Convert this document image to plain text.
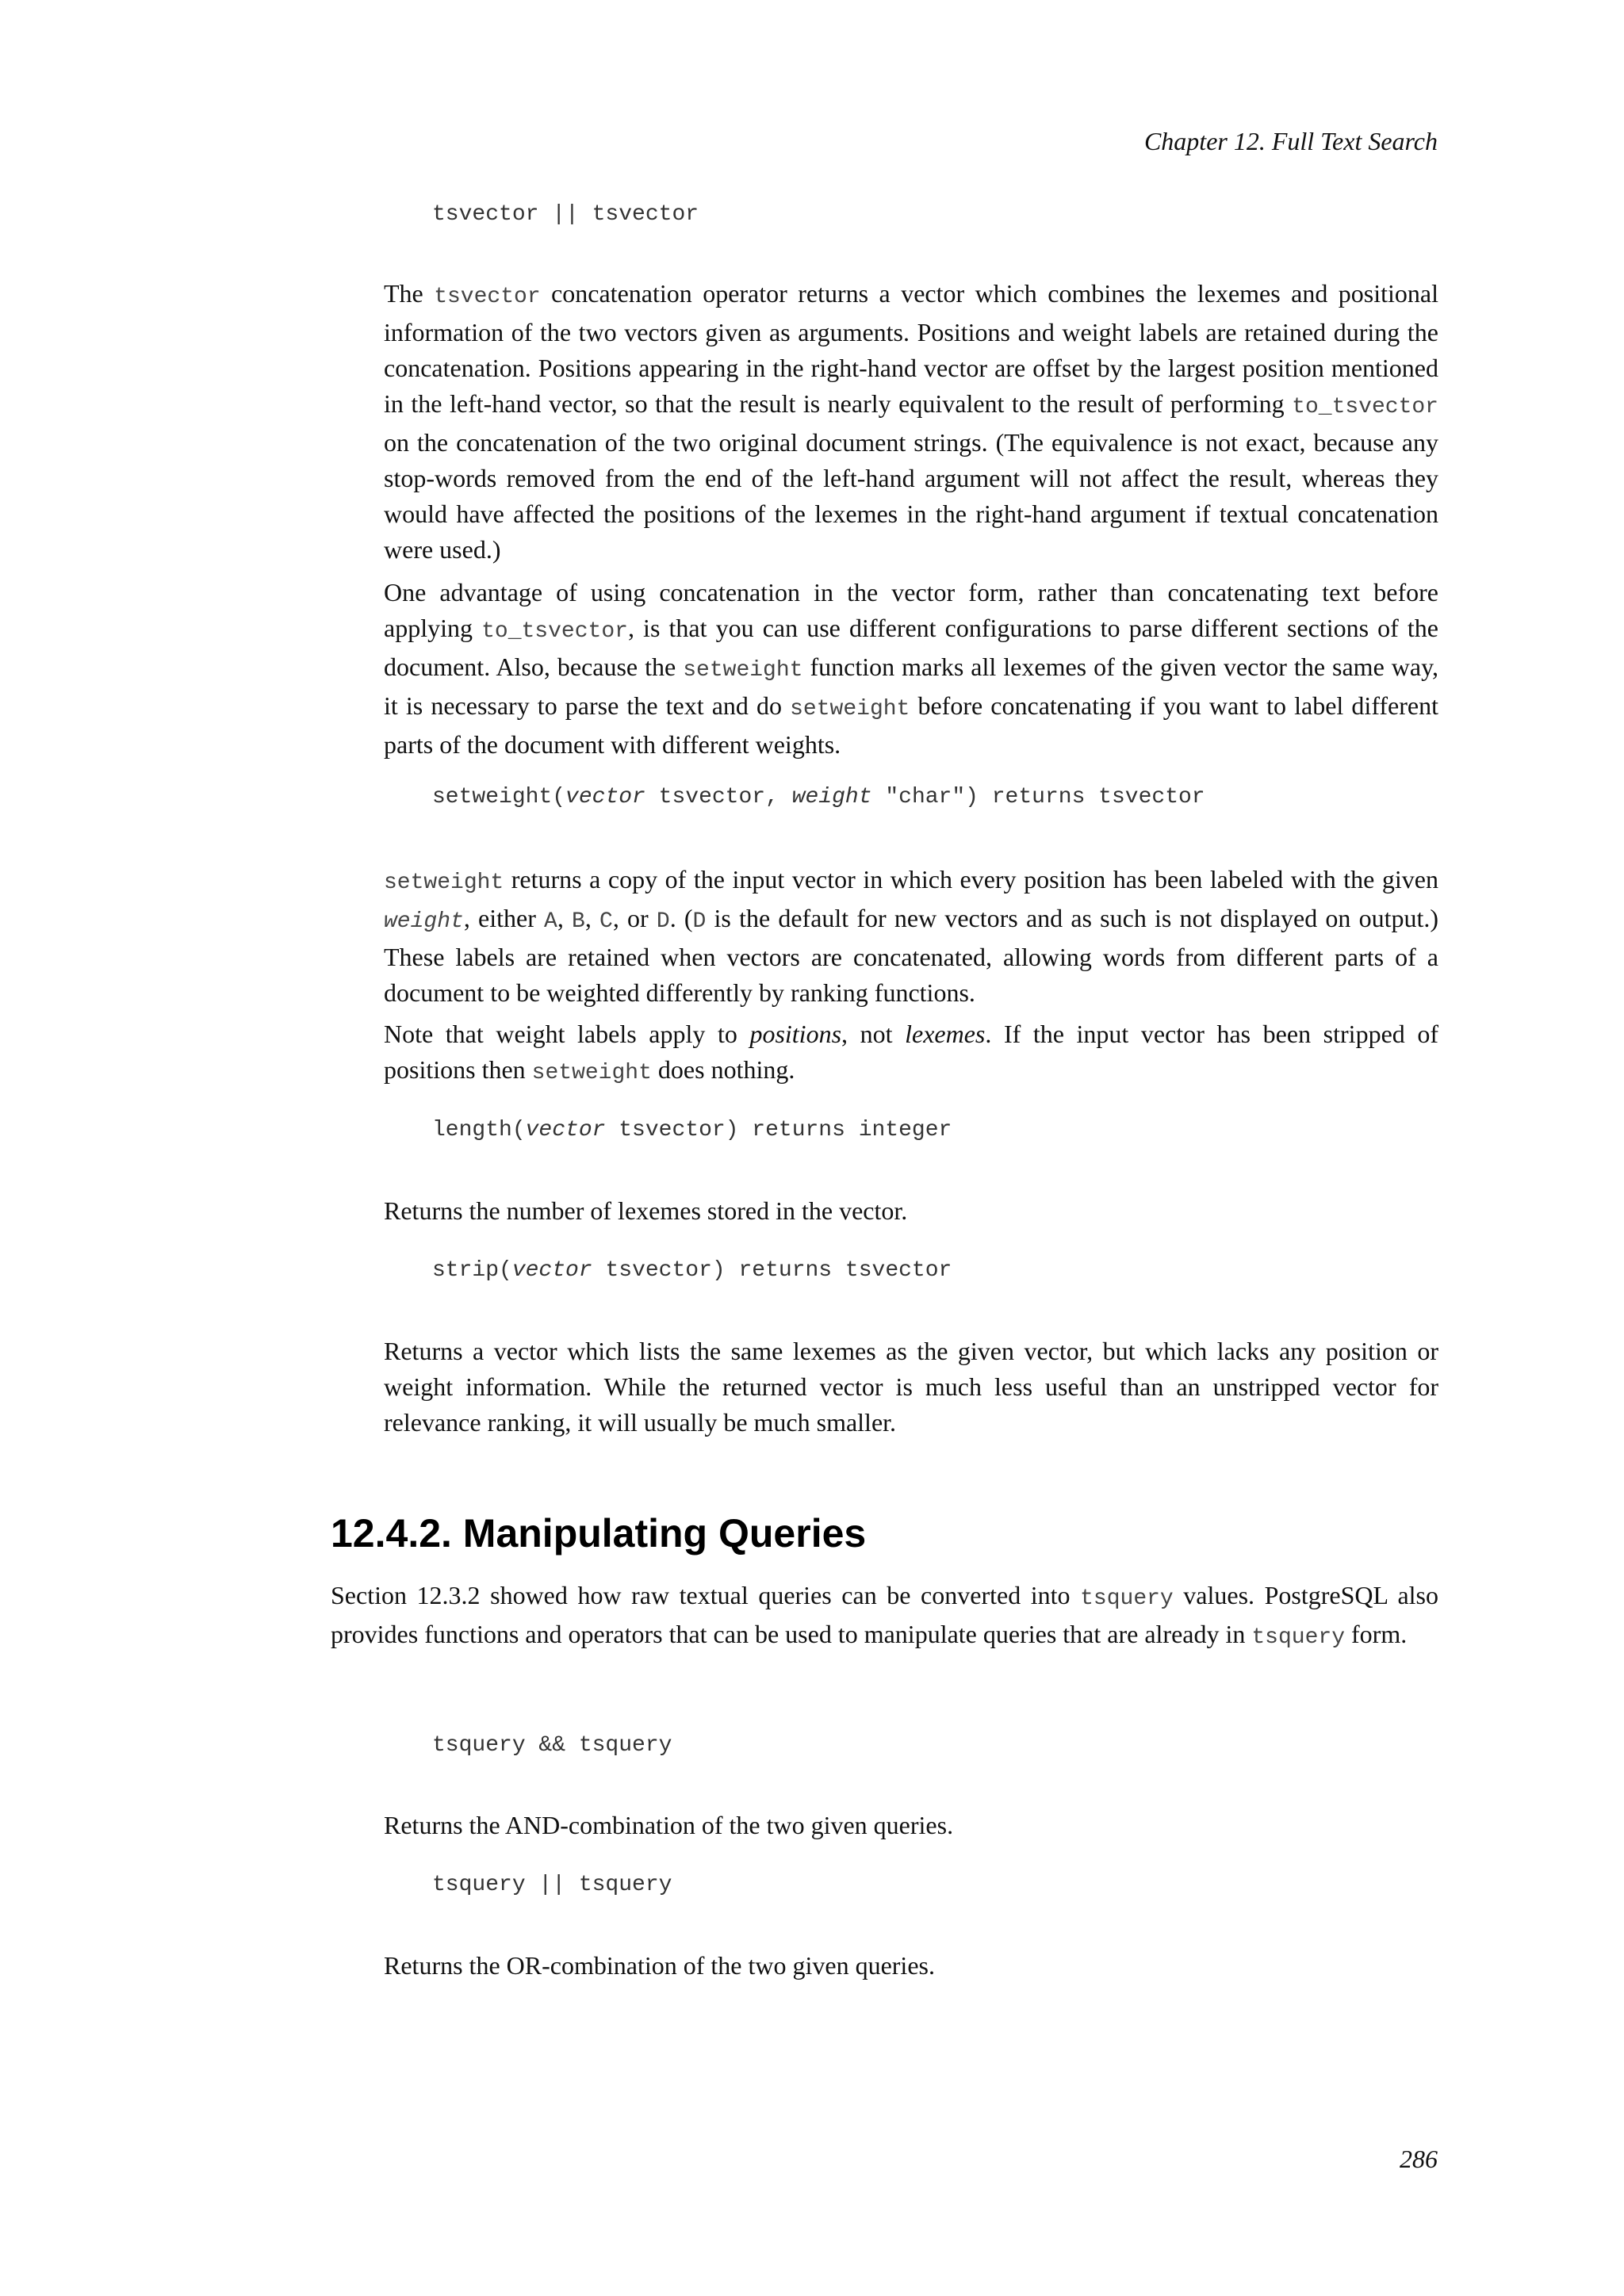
Chapter 12. Full Text Search
tsvector || tsvector
The tsvector concatenation operator returns a vector which combines the lexemes and positional information of the two vectors given as arguments. Positions and weight labels are retained during the concatenation. Positions appearing in the right-hand vector are offset by the largest position mentioned in the left-hand vector, so that the result is nearly equivalent to the result of performing to_tsvector on the concatenation of the two original document strings. (The equivalence is not exact, because any stop-words removed from the end of the left-hand argument will not affect the result, whereas they would have affected the positions of the lexemes in the right-hand argument if textual concatenation were used.)
One advantage of using concatenation in the vector form, rather than concatenating text before applying to_tsvector, is that you can use different configurations to parse different sections of the document. Also, because the setweight function marks all lexemes of the given vector the same way, it is necessary to parse the text and do setweight before concatenating if you want to label different parts of the document with different weights.
setweight(vector tsvector, weight "char") returns tsvector
setweight returns a copy of the input vector in which every position has been labeled with the given weight, either A, B, C, or D. (D is the default for new vectors and as such is not displayed on output.) These labels are retained when vectors are concatenated, allowing words from different parts of a document to be weighted differently by ranking functions.
Note that weight labels apply to positions, not lexemes. If the input vector has been stripped of positions then setweight does nothing.
length(vector tsvector) returns integer
Returns the number of lexemes stored in the vector.
strip(vector tsvector) returns tsvector
Returns a vector which lists the same lexemes as the given vector, but which lacks any position or weight information. While the returned vector is much less useful than an unstripped vector for relevance ranking, it will usually be much smaller.
12.4.2. Manipulating Queries
Section 12.3.2 showed how raw textual queries can be converted into tsquery values. PostgreSQL also provides functions and operators that can be used to manipulate queries that are already in tsquery form.
tsquery && tsquery
Returns the AND-combination of the two given queries.
tsquery || tsquery
Returns the OR-combination of the two given queries.
286
